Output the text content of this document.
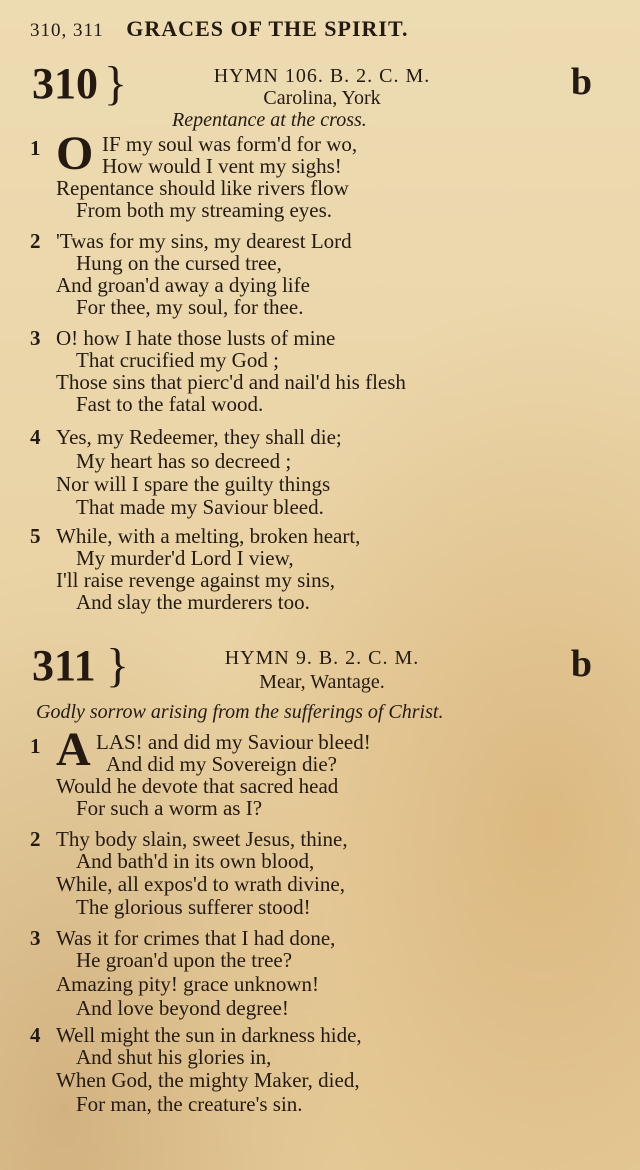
310, 311 GRACES OF THE SPIRIT.
310 }	HYMN 106. B. 2. C. M.
Carolina, York	b
Repentance at the cross.
1 O IF my soul was form'd for wo,
How would I vent my sighs!
Repentance should like rivers flow
From both my streaming eyes.
2 'Twas for my sins, my dearest Lord
Hung on the cursed tree,
And groan'd away a dying life
For thee, my soul, for thee.
3 O! how I hate those lusts of mine
That crucified my God ;
Those sins that pierc'd and nail'd his flesh
Fast to the fatal wood.
4 Yes, my Redeemer, they shall die;
My heart has so decreed ;
Nor will I spare the guilty things
That made my Saviour bleed.
5 While, with a melting, broken heart,
My murder'd Lord I view,
I'll raise revenge against my sins,
And slay the murderers too.
311 }	HYMN 9. B. 2. C. M.
Mear, Wantage.	b
Godly sorrow arising from the sufferings of Christ.
1 A LAS! and did my Saviour bleed!
And did my Sovereign die?
Would he devote that sacred head
For such a worm as I?
2 Thy body slain, sweet Jesus, thine,
And bath'd in its own blood,
While, all expos'd to wrath divine,
The glorious sufferer stood!
3 Was it for crimes that I had done,
He groan'd upon the tree?
Amazing pity! grace unknown!
And love beyond degree!
4 Well might the sun in darkness hide,
And shut his glories in,
When God, the mighty Maker, died,
For man, the creature's sin.
